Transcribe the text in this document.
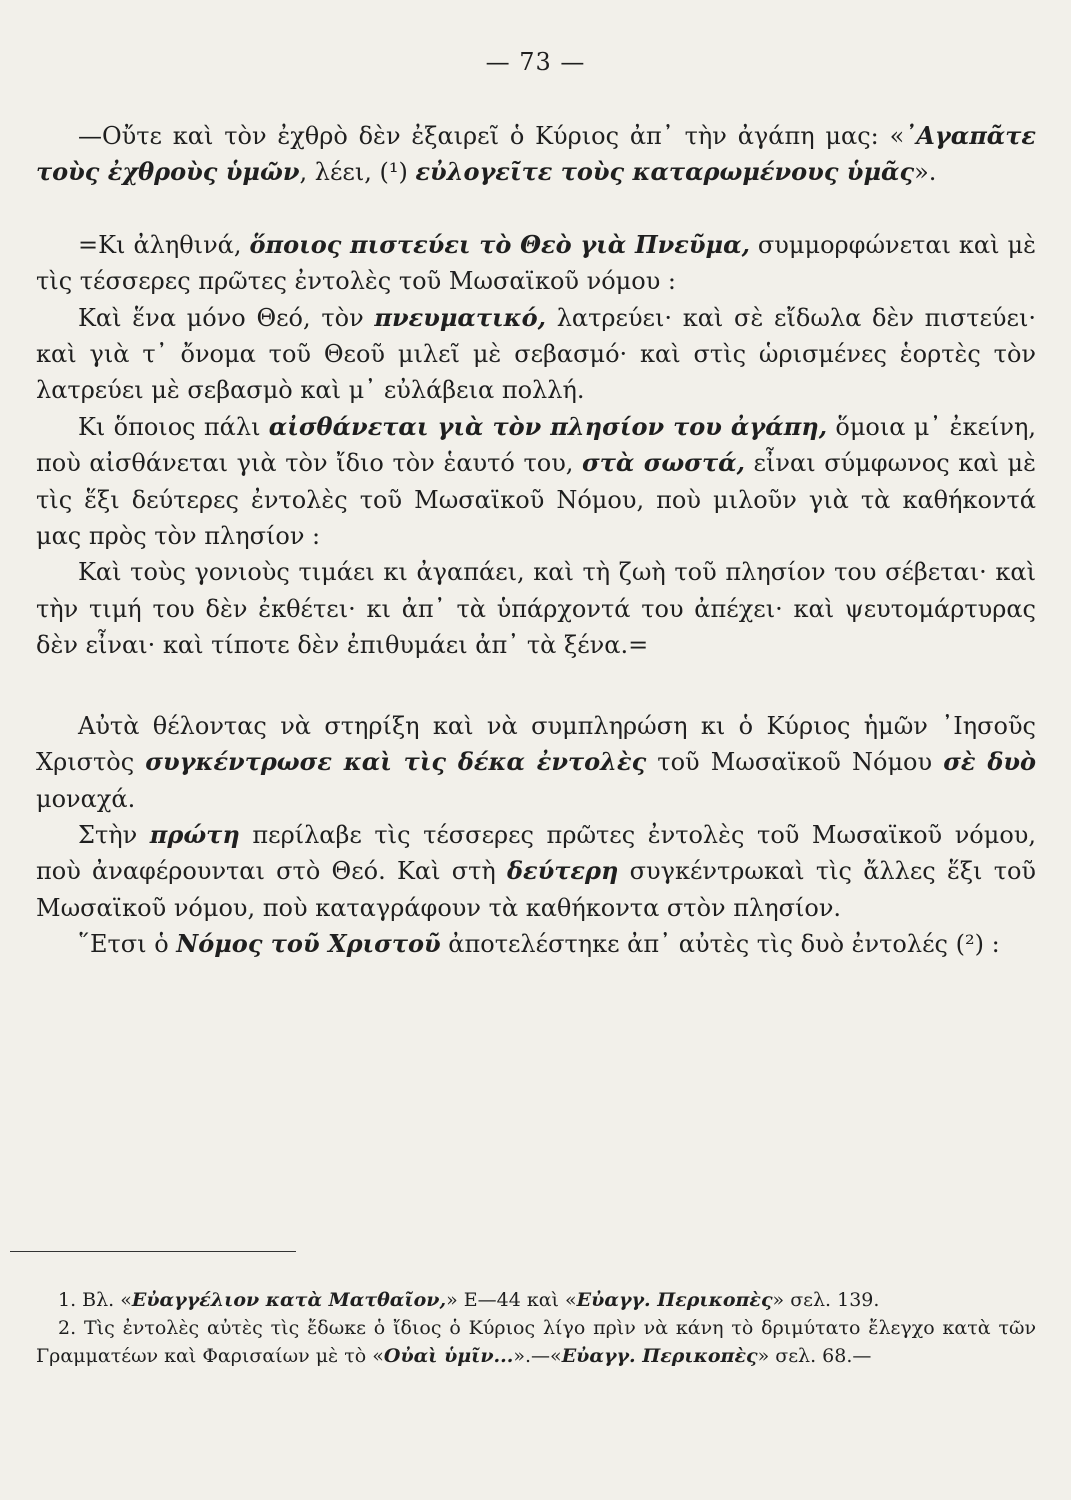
— 73 —

—Οὔτε καὶ τὸν ἐχθρὸ δὲν ἐξαιρεῖ ὁ Κύριος ἀπ᾽ τὴν ἀγάπη μας: «᾽Αγαπᾶτε τοὺς ἐχθροὺς ὑμῶν, λέει, (¹) εὐλογεῖτε τοὺς καταρωμένους ὑμᾶς».

=Κι ἀληθινά, ὅποιος πιστεύει τὸ Θεὸ γιὰ Πνεῦμα, συμμορφώνεται καὶ μὲ τὶς τέσσερες πρῶτες ἐντολὲς τοῦ Μωσαϊκοῦ νόμου :

Καὶ ἕνα μόνο Θεό, τὸν πνευματικό, λατρεύει· καὶ σὲ εἴδωλα δὲν πιστεύει· καὶ γιὰ τ᾽ ὄνομα τοῦ Θεοῦ μιλεῖ μὲ σεβασμό· καὶ στὶς ὡρισμένες ἑορτὲς τὸν λατρεύει μὲ σεβασμὸ καὶ μ᾽ εὐλάβεια πολλή.

Κι ὅποιος πάλι αἰσθάνεται γιὰ τὸν πλησίον του ἀγάπη, ὅμοια μ᾽ ἐκείνη, ποὺ αἰσθάνεται γιὰ τὸν ἴδιο τὸν ἑαυτό του, στὰ σωστά, εἶναι σύμφωνος καὶ μὲ τὶς ἕξι δεύτερες ἐντολὲς τοῦ Μωσαϊκοῦ Νόμου, ποὺ μιλοῦν γιὰ τὰ καθήκοντά μας πρὸς τὸν πλησίον :

Καὶ τοὺς γονιοὺς τιμάει κι ἀγαπάει, καὶ τὴ ζωὴ τοῦ πλησίον του σέβεται· καὶ τὴν τιμή του δὲν ἐκθέτει· κι ἀπ᾽ τὰ ὑπάρχοντά του ἀπέχει· καὶ ψευτομάρτυρας δὲν εἶναι· καὶ τίποτε δὲν ἐπιθυμάει ἀπ᾽ τὰ ξένα.=

Αὐτὰ θέλοντας νὰ στηρίξη καὶ νὰ συμπληρώση κι ὁ Κύριος ἡμῶν ᾽Ιησοῦς Χριστὸς συγκέντρωσε καὶ τὶς δέκα ἐντολὲς τοῦ Μωσαϊκοῦ Νόμου σὲ δυὸ μοναχά.

Στὴν πρώτη περίλαβε τὶς τέσσερες πρῶτες ἐντολὲς τοῦ Μωσαϊκοῦ νόμου, ποὺ ἀναφέρουνται στὸ Θεό. Καὶ στὴ δεύτερη συγκέντρωκαὶ τὶς ἄλλες ἕξι τοῦ Μωσαϊκοῦ νόμου, ποὺ καταγράφουν τὰ καθήκοντα στὸν πλησίον.

῞Ετσι ὁ Νόμος τοῦ Χριστοῦ ἀποτελέστηκε ἀπ᾽ αὐτὲς τὶς δυὸ ἐντολές (²) :

1. Βλ. «Εὐαγγέλιον κατὰ Ματθαῖον,» Ε—44 καὶ «Εὐαγγ. Περικοπὲς» σελ. 139.

2. Τὶς ἐντολὲς αὐτὲς τὶς ἔδωκε ὁ ἴδιος ὁ Κύριος λίγο πρὶν νὰ κάνη τὸ δριμύτατο ἔλεγχο κατὰ τῶν Γραμματέων καὶ Φαρισαίων μὲ τὸ «Οὐαὶ ὑμῖν...».—«Εὐαγγ. Περικοπὲς» σελ. 68.—
